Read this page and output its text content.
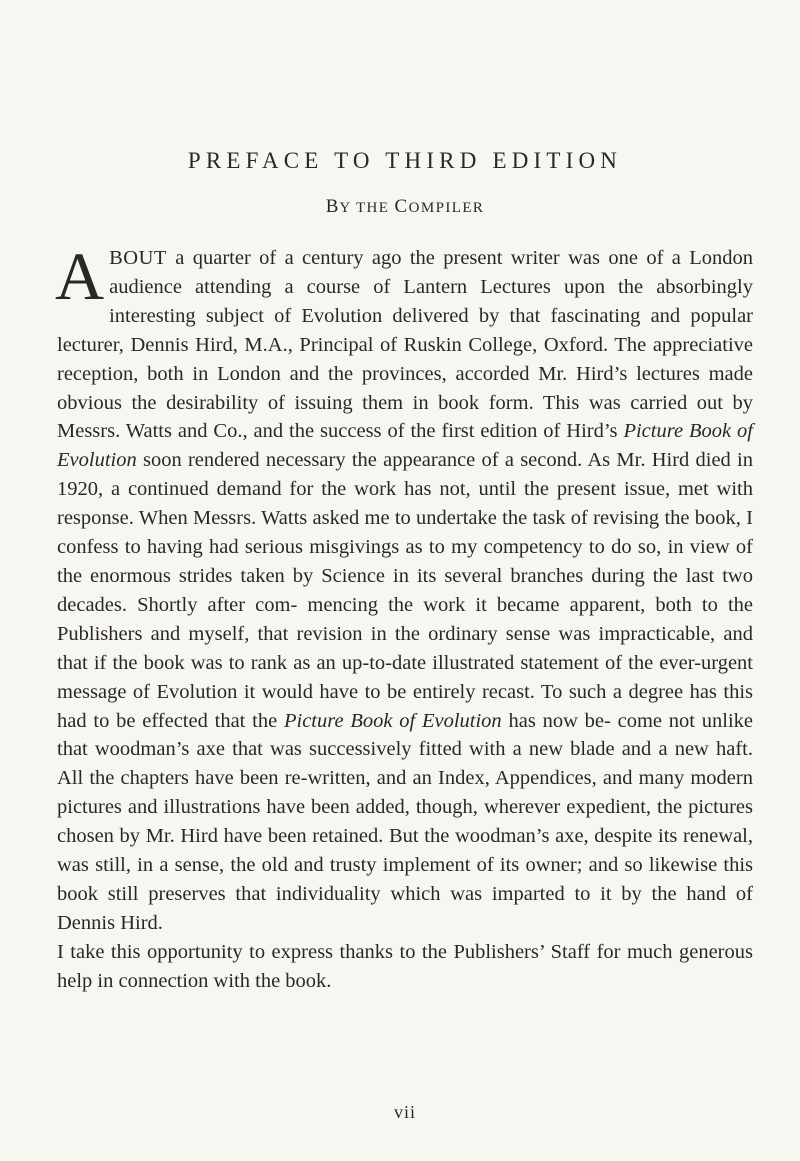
PREFACE TO THIRD EDITION

BY THE COMPILER

ABOUT a quarter of a century ago the present writer was one of a London audience attending a course of Lantern Lectures upon the absorbingly interesting subject of Evolution delivered by that fascinating and popular lecturer, Dennis Hird, M.A., Principal of Ruskin College, Oxford. The appreciative reception, both in London and the provinces, accorded Mr. Hird’s lectures made obvious the desirability of issuing them in book form. This was carried out by Messrs. Watts and Co., and the success of the first edition of Hird’s Picture Book of Evolution soon rendered necessary the appearance of a second. As Mr. Hird died in 1920, a continued demand for the work has not, until the present issue, met with response. When Messrs. Watts asked me to undertake the task of revising the book, I confess to having had serious misgivings as to my competency to do so, in view of the enormous strides taken by Science in its several branches during the last two decades. Shortly after com- mencing the work it became apparent, both to the Publishers and myself, that revision in the ordinary sense was impracticable, and that if the book was to rank as an up-to-date illustrated statement of the ever-urgent message of Evolution it would have to be entirely recast. To such a degree has this had to be effected that the Picture Book of Evolution has now be- come not unlike that woodman’s axe that was successively fitted with a new blade and a new haft. All the chapters have been re-written, and an Index, Appendices, and many modern pictures and illustrations have been added, though, wherever expedient, the pictures chosen by Mr. Hird have been retained. But the woodman’s axe, despite its renewal, was still, in a sense, the old and trusty implement of its owner; and so likewise this book still preserves that individuality which was imparted to it by the hand of Dennis Hird.

I take this opportunity to express thanks to the Publishers’ Staff for much generous help in connection with the book.

vii
